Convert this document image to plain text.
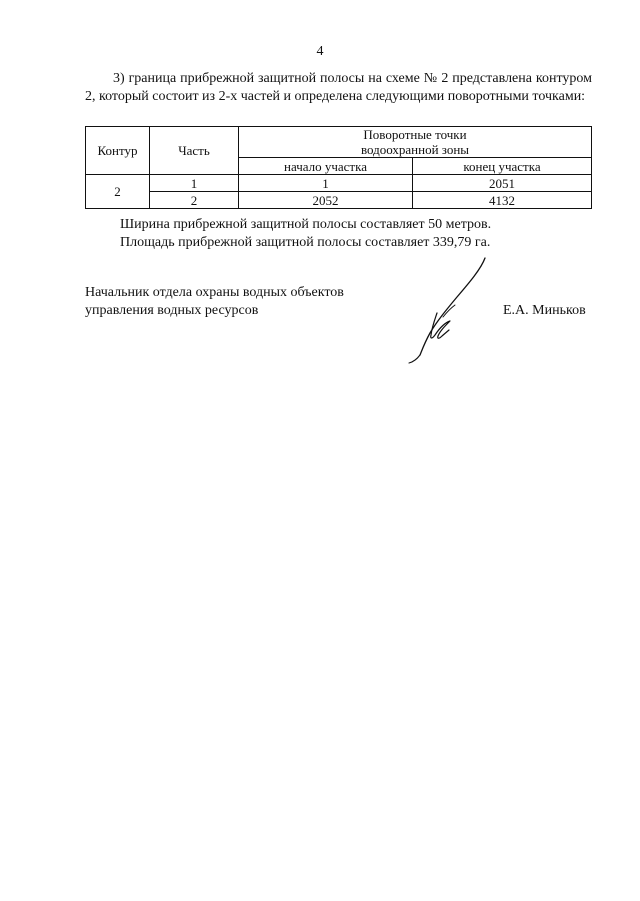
4

3) граница прибрежной защитной полосы на схеме № 2 представлена контуром 2, который состоит из 2-х частей и определена следующими поворотными точками:

Контур	Часть	Поворотные точки
водоохранной зоны	

		начало участка	конец участка
2	1	1	2051
	2	2052	4132
Ширина прибрежной защитной полосы составляет 50 метров.
Площадь прибрежной защитной полосы составляет 339,79 га.
Начальник отдела охраны водных объектов
управления водных ресурсов	Е.А. Миньков
